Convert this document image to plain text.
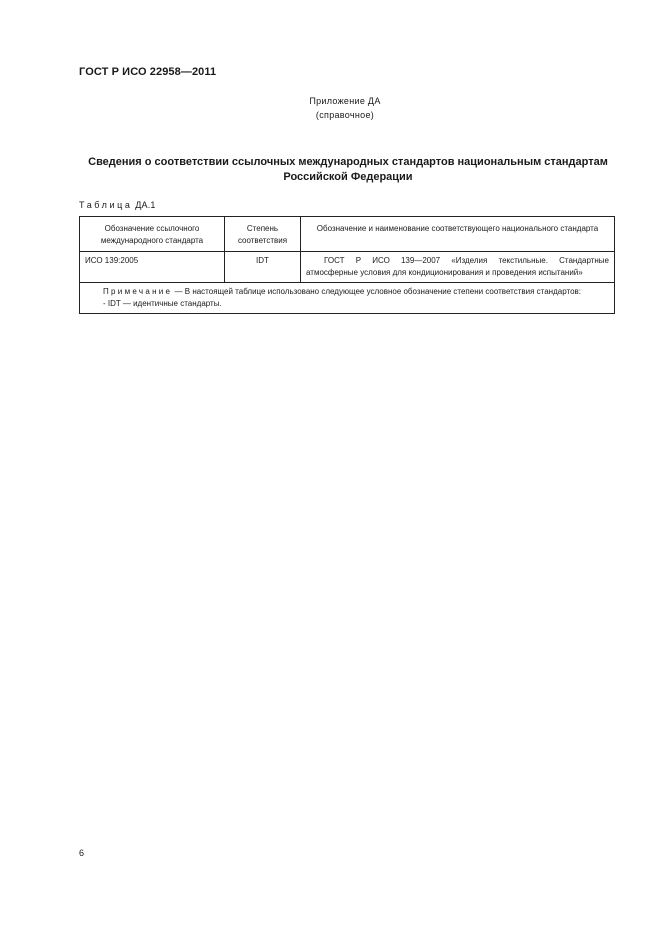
ГОСТ Р ИСО 22958—2011
Приложение ДА
(справочное)
Сведения о соответствии ссылочных международных стандартов национальным стандартам
Российской Федерации
Таблица ДА.1
Обозначение ссылочного международного стандарта	Степень соответствия	Обозначение и наименование соответствующего национального стандарта
ИСО 139:2005	IDT	ГОСТ Р ИСО 139—2007 «Изделия текстильные. Стандартные атмосферные условия для кондиционирования и проведения испытаний»

Примечание — В настоящей таблице использовано следующее условное обозначение степени соответствия стандартов:
- IDT — идентичные стандарты.		
6
